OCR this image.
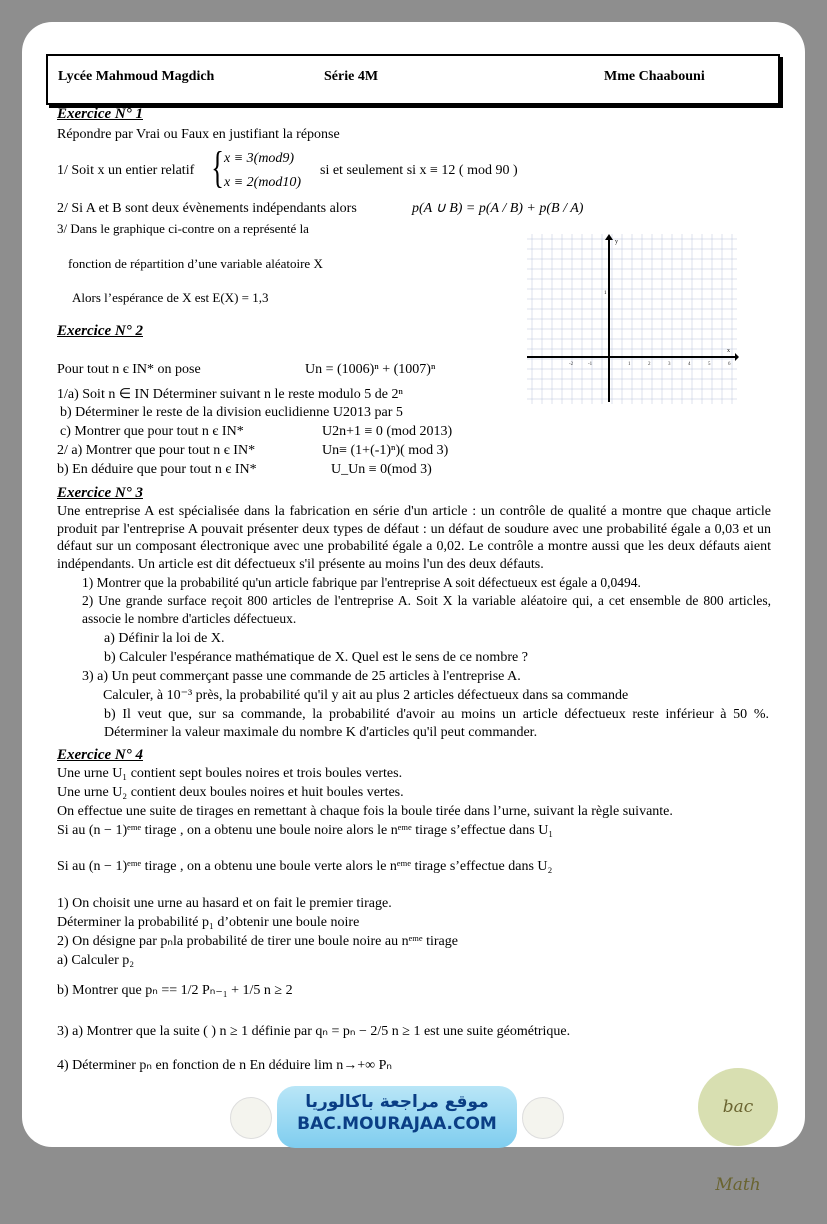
Lycée Mahmoud Magdich	Série 4M	Mme Chaabouni
Exercice N° 1
Répondre par Vrai ou Faux en justifiant la réponse
1/ Soit x un entier relatif { x ≡ 3(mod9)
x ≡ 2(mod10)
si et seulement si x ≡ 12 ( mod 90 )
2/ Si A et B sont deux évènements indépendants alors	p(A ∪ B) = p(A / B) + p(B / A)
3/ Dans le graphique ci-contre on a représenté la
fonction de répartition d’une variable aléatoire X
Alors l’espérance de X est E(X) = 1,3
y
x
1
-2	-1	1	2	3	4	5	6
Exercice N° 2
Pour tout n є IN* on pose	Un = (1006)ⁿ + (1007)ⁿ
1/a) Soit n ∈ IN Déterminer suivant n le reste modulo 5 de 2ⁿ
b) Déterminer le reste de la division euclidienne U2013 par 5
c) Montrer que pour tout n є IN*	U2n+1 ≡ 0 (mod 2013)
2/ a) Montrer que pour tout n є IN*	Un≡ (1+(-1)ⁿ)( mod 3)
b) En déduire que pour tout n є IN*	U_Un ≡ 0(mod 3)
Exercice N° 3
Une entreprise A est spécialisée dans la fabrication en série d'un article : un contrôle de qualité a montre que chaque article produit par l'entreprise A pouvait présenter deux types de défaut : un défaut de soudure avec une probabilité égale a 0,03 et un défaut sur un composant électronique avec une probabilité égale a 0,02. Le contrôle a montre aussi que les deux défauts aient indépendants. Un article est dit défectueux s'il présente au moins l'un des deux défauts.
1) Montrer que la probabilité qu'un article fabrique par l'entreprise A soit défectueux est égale a 0,0494.
2) Une grande surface reçoit 800 articles de l'entreprise A. Soit X la variable aléatoire qui, a cet ensemble de 800 articles, associe le nombre d'articles défectueux.
a) Définir la loi de X.
b) Calculer l'espérance mathématique de X. Quel est le sens de ce nombre ?
3) a) Un peut commerçant passe une commande de 25 articles à l'entreprise A.
Calculer, à 10⁻³ près, la probabilité qu'il y ait au plus 2 articles défectueux dans sa commande
b) Il veut que, sur sa commande, la probabilité d'avoir au moins un article défectueux reste inférieur à 50 %. Déterminer la valeur maximale du nombre K d'articles qu'il peut commander.
Exercice N° 4
Une urne U₁ contient sept boules noires et trois boules vertes.
Une urne U₂ contient deux boules noires et huit boules vertes.
On effectue une suite de tirages en remettant à chaque fois la boule tirée dans l’urne, suivant la règle suivante.
Si au (n − 1)ᵉᵐᵉ tirage , on a obtenu une boule noire alors le nᵉᵐᵉ tirage s’effectue dans U₁
Si au (n − 1)ᵉᵐᵉ tirage , on a obtenu une boule verte alors le nᵉᵐᵉ tirage s’effectue dans U₂
1) On choisit une urne au hasard et on fait le premier tirage.
Déterminer la probabilité p₁ d’obtenir une boule noire
2) On désigne par pₙla probabilité de tirer une boule noire au nᵉᵐᵉ tirage
a) Calculer p₂
b) Montrer que pₙ == 1/2 Pₙ₋₁ + 1/5 n ≥ 2
3) a) Montrer que la suite ( ) n ≥ 1 définie par qₙ = pₙ − 2/5 n ≥ 1 est une suite géométrique.
4) Déterminer pₙ en fonction de n En déduire lim n→+∞ Pₙ
موقع مراجعة باكالوريا
BAC.MOURAJAA.COM
bac Math
